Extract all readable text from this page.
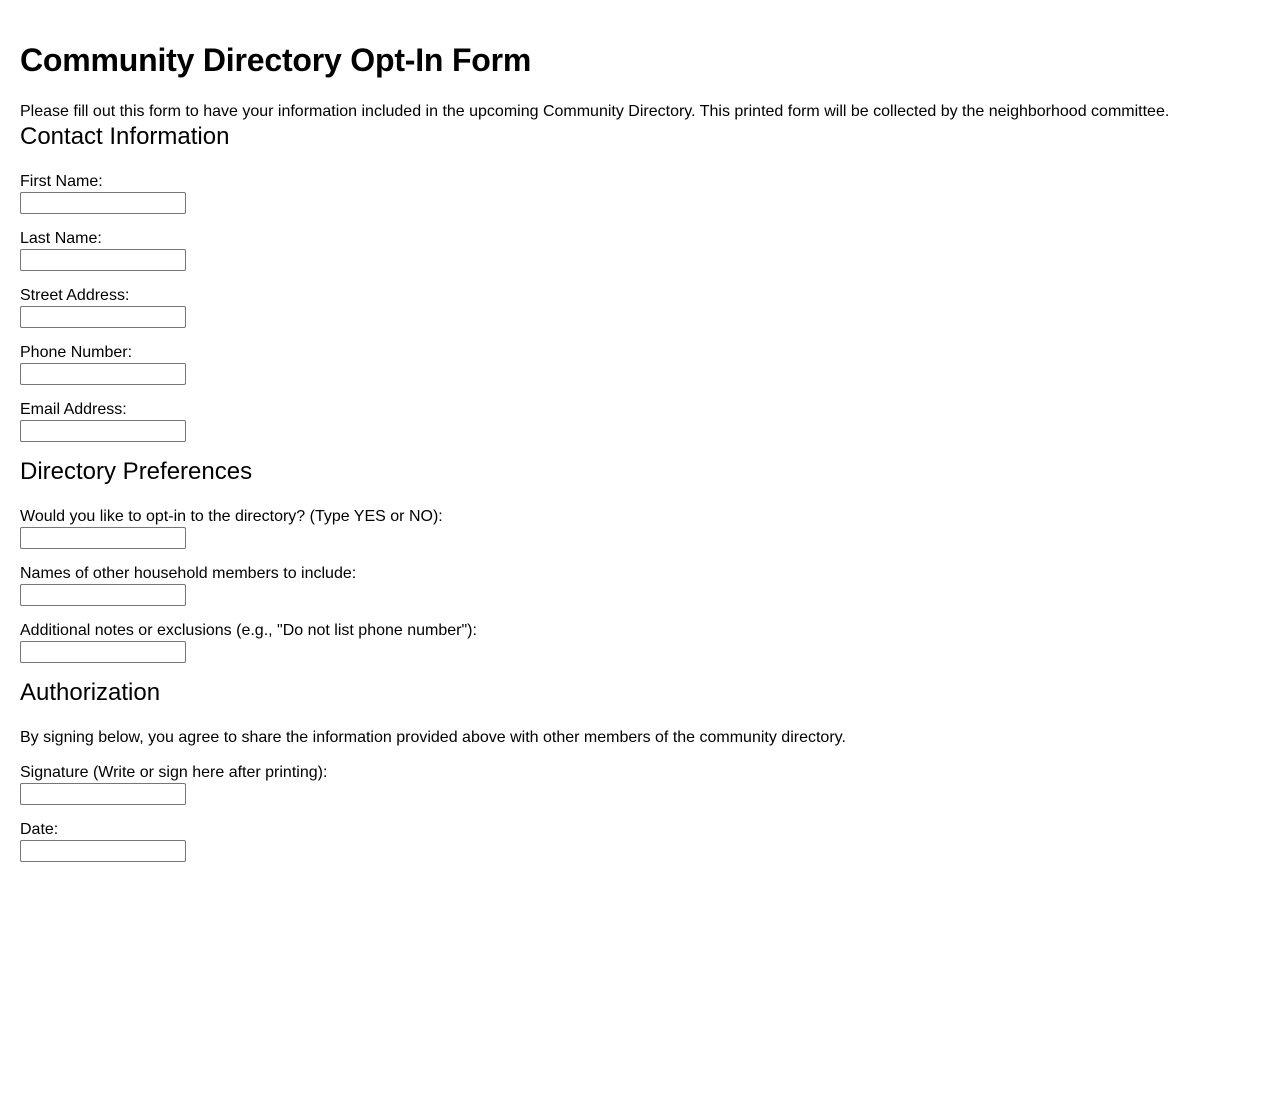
Community Directory Opt-In Form

Please fill out this form to have your information included in the upcoming Community Directory. This printed form will be collected by the neighborhood committee.

Contact Information
First Name:
Last Name:
Street Address:
Phone Number:
Email Address:
Directory Preferences
Would you like to opt-in to the directory? (Type YES or NO):
Names of other household members to include:
Additional notes or exclusions (e.g., "Do not list phone number"):
Authorization

By signing below, you agree to share the information provided above with other members of the community directory.

Signature (Write or sign here after printing):
Date:
